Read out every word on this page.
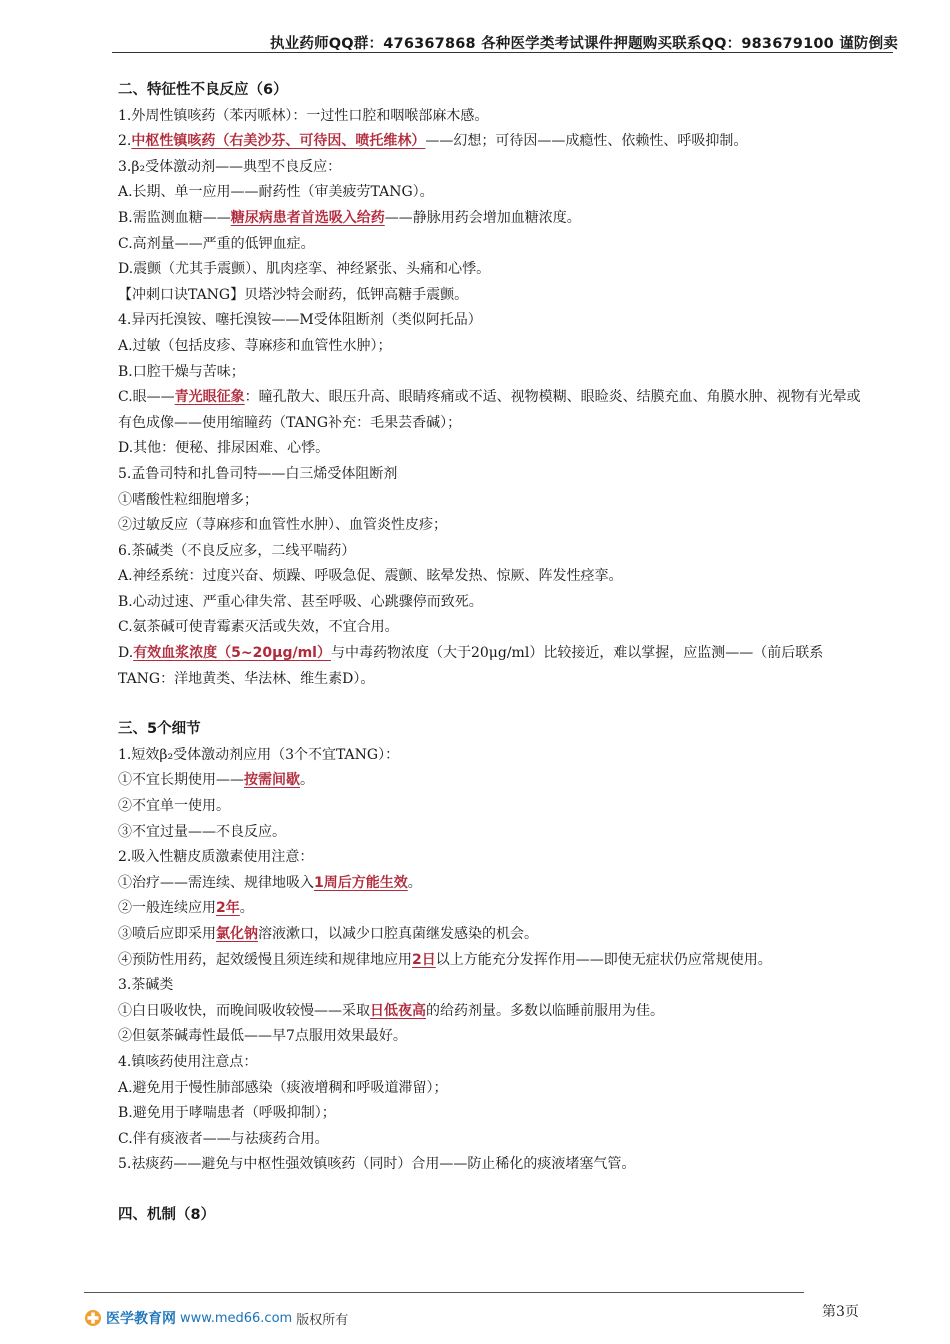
执业药师QQ群：476367868 各种医学类考试课件押题购买联系QQ：983679100 谨防倒卖
二、特征性不良反应（6）
1.外周性镇咳药（苯丙哌林）：一过性口腔和咽喉部麻木感。
2.中枢性镇咳药（右美沙芬、可待因、喷托维林）——幻想；可待因——成瘾性、依赖性、呼吸抑制。
3.β₂受体激动剂——典型不良反应：
A.长期、单一应用——耐药性（审美疲劳TANG）。
B.需监测血糖——糖尿病患者首选吸入给药——静脉用药会增加血糖浓度。
C.高剂量——严重的低钾血症。
D.震颤（尤其手震颤）、肌肉痉挛、神经紧张、头痛和心悸。
【冲刺口诀TANG】贝塔沙特会耐药，低钾高糖手震颤。
4.异丙托溴铵、噻托溴铵——M受体阻断剂（类似阿托品）
A.过敏（包括皮疹、荨麻疹和血管性水肿）；
B.口腔干燥与苦味；
C.眼——青光眼征象：瞳孔散大、眼压升高、眼睛疼痛或不适、视物模糊、眼睑炎、结膜充血、角膜水肿、视物有光晕或有色成像——使用缩瞳药（TANG补充：毛果芸香碱）；
D.其他：便秘、排尿困难、心悸。
5.孟鲁司特和扎鲁司特——白三烯受体阻断剂
①嗜酸性粒细胞增多；
②过敏反应（荨麻疹和血管性水肿）、血管炎性皮疹；
6.茶碱类（不良反应多，二线平喘药）
A.神经系统：过度兴奋、烦躁、呼吸急促、震颤、眩晕发热、惊厥、阵发性痉挛。
B.心动过速、严重心律失常、甚至呼吸、心跳骤停而致死。
C.氨茶碱可使青霉素灭活或失效，不宜合用。
D.有效血浆浓度（5~20μg/ml）与中毒药物浓度（大于20μg/ml）比较接近，难以掌握，应监测——（前后联系TANG：洋地黄类、华法林、维生素D）。
三、5个细节
1.短效β₂受体激动剂应用（3个不宜TANG）：
①不宜长期使用——按需间歇。
②不宜单一使用。
③不宜过量——不良反应。
2.吸入性糖皮质激素使用注意：
①治疗——需连续、规律地吸入1周后方能生效。
②一般连续应用2年。
③喷后应即采用氯化钠溶液漱口，以减少口腔真菌继发感染的机会。
④预防性用药，起效缓慢且须连续和规律地应用2日以上方能充分发挥作用——即使无症状仍应常规使用。
3.茶碱类
①白日吸收快，而晚间吸收较慢——采取日低夜高的给药剂量。多数以临睡前服用为佳。
②但氨茶碱毒性最低——早7点服用效果最好。
4.镇咳药使用注意点：
A.避免用于慢性肺部感染（痰液增稠和呼吸道滞留）；
B.避免用于哮喘患者（呼吸抑制）；
C.伴有痰液者——与祛痰药合用。
5.祛痰药——避免与中枢性强效镇咳药（同时）合用——防止稀化的痰液堵塞气管。
四、机制（8）
医学教育网 www.med66.com 版权所有	第3页
